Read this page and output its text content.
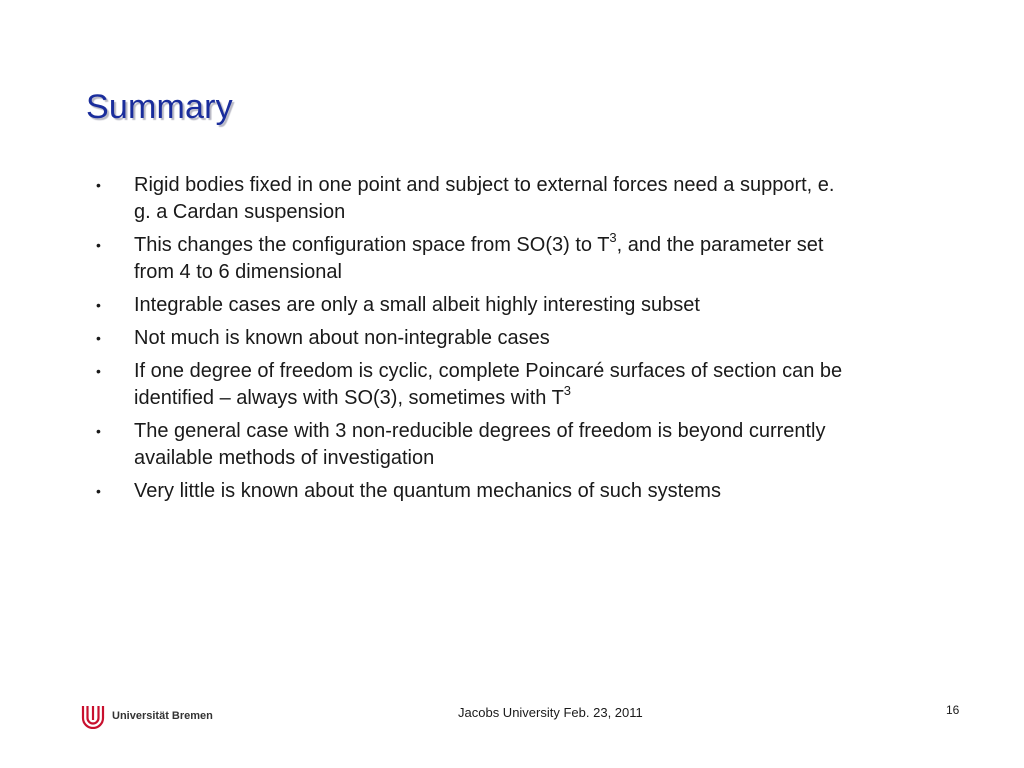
Summary
• Rigid bodies fixed in one point and subject to external forces need a support, e. g. a Cardan suspension
• This changes the configuration space from SO(3) to $T^3$, and the parameter set from 4 to 6 dimensional
• Integrable cases are only a small albeit highly interesting subset
• Not much is known about non-integrable cases
• If one degree of freedom is cyclic, complete Poincaré surfaces of section can be identified – always with SO(3), sometimes with $T^3$
• The general case with 3 non-reducible degrees of freedom is beyond currently available methods of investigation
• Very little is known about the quantum mechanics of such systems
Universität Bremen	Jacobs University Feb. 23, 2011	16
